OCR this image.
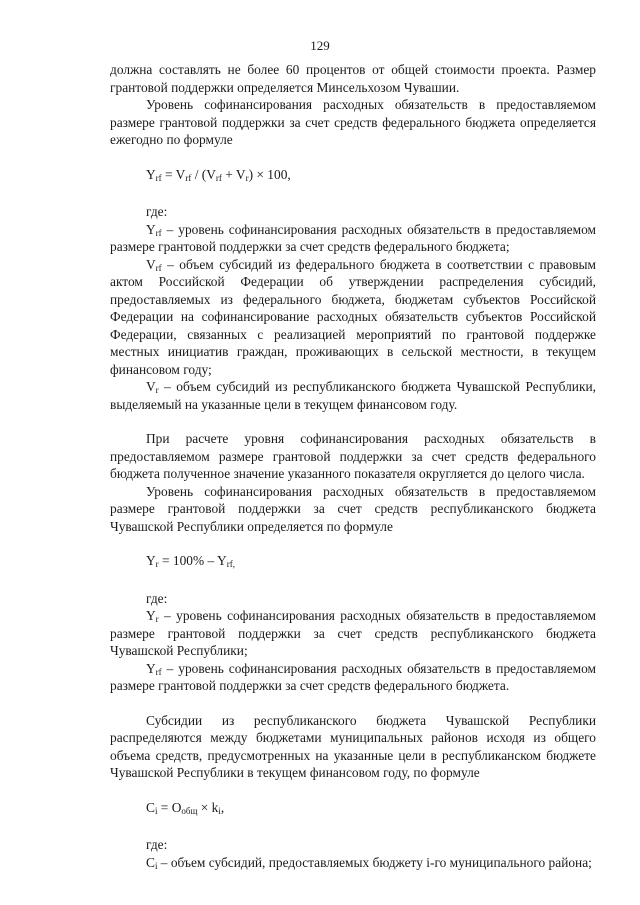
129

должна составлять не более 60 процентов от общей стоимости проекта. Размер грантовой поддержки определяется Минсельхозом Чувашии.

Уровень софинансирования расходных обязательств в предоставляемом размере грантовой поддержки за счет средств федерального бюджета определяется ежегодно по формуле

$Y_{rf} = V_{rf} / (V_{rf} + V_r) \times 100$,

где:

$Y_{rf}$ – уровень софинансирования расходных обязательств в предоставляемом размере грантовой поддержки за счет средств федерального бюджета;

$V_{rf}$ – объем субсидий из федерального бюджета в соответствии с правовым актом Российской Федерации об утверждении распределения субсидий, предоставляемых из федерального бюджета, бюджетам субъектов Российской Федерации на софинансирование расходных обязательств субъектов Российской Федерации, связанных с реализацией мероприятий по грантовой поддержке местных инициатив граждан, проживающих в сельской местности, в текущем финансовом году;

$V_r$ – объем субсидий из республиканского бюджета Чувашской Республики, выделяемый на указанные цели в текущем финансовом году.

При расчете уровня софинансирования расходных обязательств в предоставляемом размере грантовой поддержки за счет средств федерального бюджета полученное значение указанного показателя округляется до целого числа.

Уровень софинансирования расходных обязательств в предоставляемом размере грантовой поддержки за счет средств республиканского бюджета Чувашской Республики определяется по формуле

$Y_r = 100\% - Y_{rf,}$

где:

$Y_r$ – уровень софинансирования расходных обязательств в предоставляемом размере грантовой поддержки за счет средств республиканского бюджета Чувашской Республики;

$Y_{rf}$ – уровень софинансирования расходных обязательств в предоставляемом размере грантовой поддержки за счет средств федерального бюджета.

Субсидии из республиканского бюджета Чувашской Республики распределяются между бюджетами муниципальных районов исходя из общего объема средств, предусмотренных на указанные цели в республиканском бюджете Чувашской Республики в текущем финансовом году, по формуле

$C_i = O_{общ} \times k_i$,

где:

$C_i$ – объем субсидий, предоставляемых бюджету i-го муниципального района;
